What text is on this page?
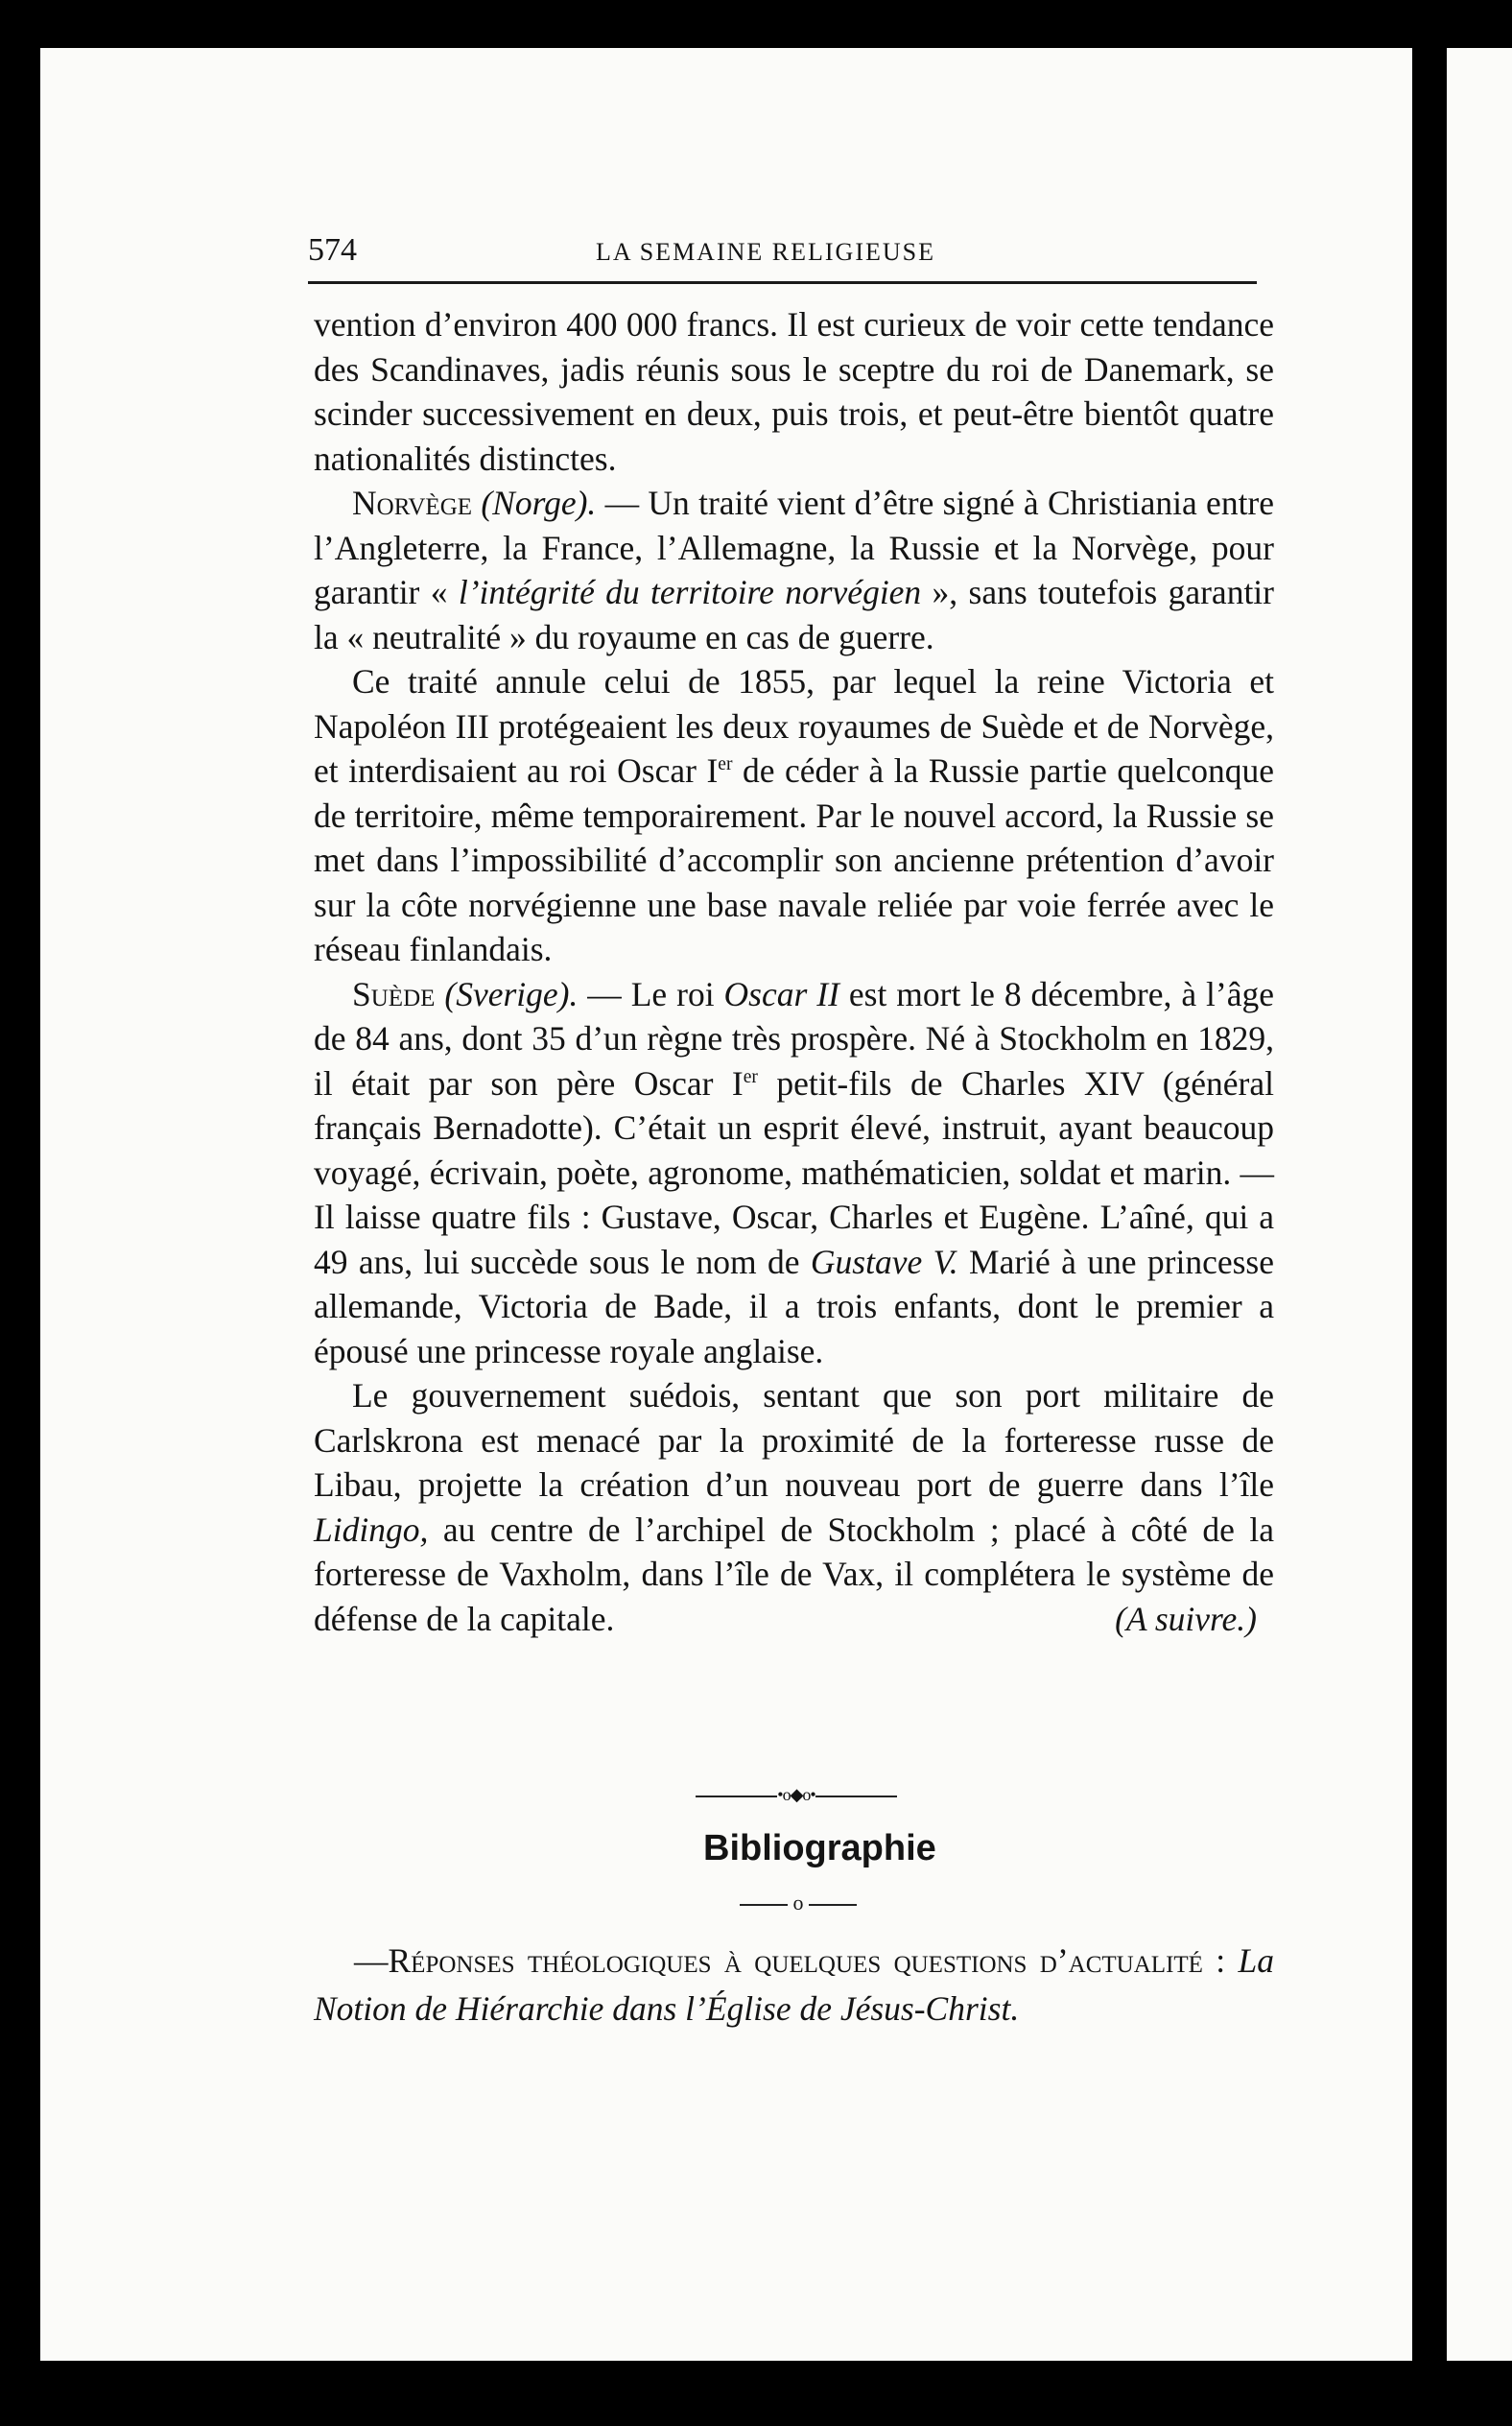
574	LA SEMAINE RELIGIEUSE

vention d’environ 400 000 francs. Il est curieux de voir cette tendance des Scandinaves, jadis réunis sous le sceptre du roi de Danemark, se scinder successivement en deux, puis trois, et peut-être bientôt quatre nationalités distinctes.

Norvège (Norge). — Un traité vient d’être signé à Christiania entre l’Angleterre, la France, l’Allemagne, la Russie et la Norvège, pour garantir « l’intégrité du territoire norvégien », sans toutefois garantir la « neutralité » du royaume en cas de guerre.

Ce traité annule celui de 1855, par lequel la reine Victoria et Napoléon III protégeaient les deux royaumes de Suède et de Norvège, et interdisaient au roi Oscar Ier de céder à la Russie partie quelconque de territoire, même temporairement. Par le nouvel accord, la Russie se met dans l’impossibilité d’accomplir son ancienne prétention d’avoir sur la côte norvégienne une base navale reliée par voie ferrée avec le réseau finlandais.

Suède (Sverige). — Le roi Oscar II est mort le 8 décembre, à l’âge de 84 ans, dont 35 d’un règne très prospère. Né à Stockholm en 1829, il était par son père Oscar Ier petit-fils de Charles XIV (général français Bernadotte). C’était un esprit élevé, instruit, ayant beaucoup voyagé, écrivain, poète, agronome, mathématicien, soldat et marin. — Il laisse quatre fils : Gustave, Oscar, Charles et Eugène. L’aîné, qui a 49 ans, lui succède sous le nom de Gustave V. Marié à une princesse allemande, Victoria de Bade, il a trois enfants, dont le premier a épousé une princesse royale anglaise.

Le gouvernement suédois, sentant que son port militaire de Carlskrona est menacé par la proximité de la forteresse russe de Libau, projette la création d’un nouveau port de guerre dans l’île Lidingo, au centre de l’archipel de Stockholm ; placé à côté de la forteresse de Vaxholm, dans l’île de Vax, il complétera le système de défense de la capitale.	(A suivre.)

•o◆o•
Bibliographie
o

—Réponses théologiques à quelques questions d’actualité : La Notion de Hiérarchie dans l’Église de Jésus-Christ.
